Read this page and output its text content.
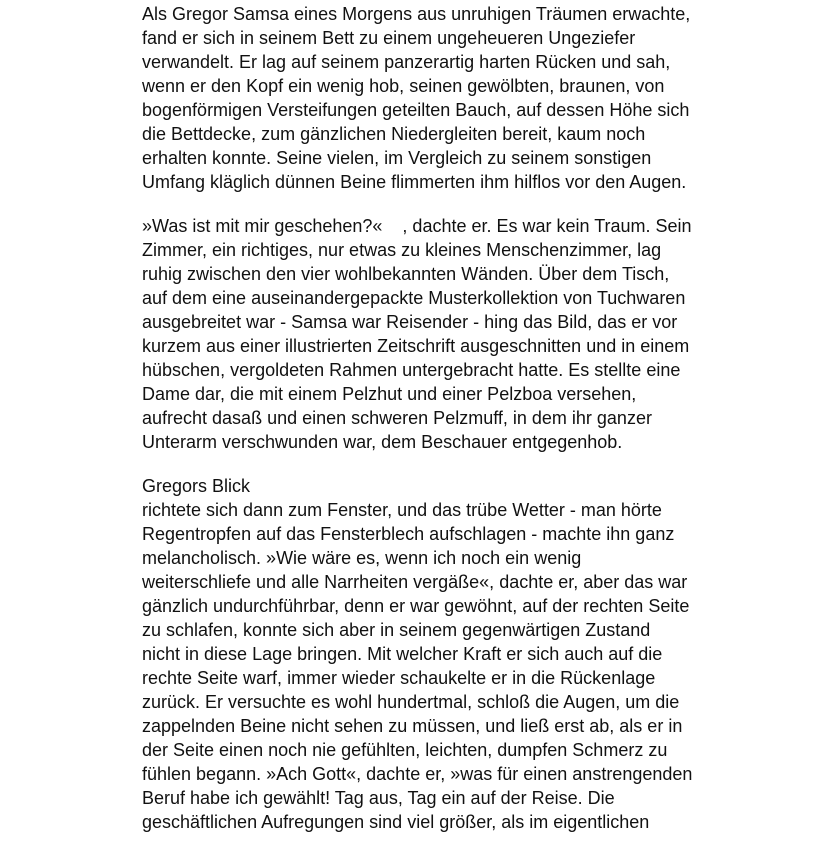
Als Gregor Samsa eines Morgens aus unruhigen Träumen erwachte,
fand er sich in seinem Bett zu einem ungeheueren Ungeziefer
verwandelt. Er lag auf seinem panzerartig harten Rücken und sah,
wenn er den Kopf ein wenig hob, seinen gewölbten, braunen, von
bogenförmigen Versteifungen geteilten Bauch, auf dessen Höhe sich
die Bettdecke, zum gänzlichen Niedergleiten bereit, kaum noch
erhalten konnte. Seine vielen, im Vergleich zu seinem sonstigen
Umfang kläglich dünnen Beine flimmerten ihm hilflos vor den Augen.
»Was ist mit mir geschehen?«    , dachte er. Es war kein Traum. Sein
Zimmer, ein richtiges, nur etwas zu kleines Menschenzimmer, lag
ruhig zwischen den vier wohlbekannten Wänden. Über dem Tisch,
auf dem eine auseinandergepackte Musterkollektion von Tuchwaren
ausgebreitet war - Samsa war Reisender - hing das Bild, das er vor
kurzem aus einer illustrierten Zeitschrift ausgeschnitten und in einem
hübschen, vergoldeten Rahmen untergebracht hatte. Es stellte eine
Dame dar, die mit einem Pelzhut und einer Pelzboa versehen,
aufrecht dasaß und einen schweren Pelzmuff, in dem ihr ganzer
Unterarm verschwunden war, dem Beschauer entgegenhob.
Gregors Blick
richtete sich dann zum Fenster, und das trübe Wetter - man hörte
Regentropfen auf das Fensterblech aufschlagen - machte ihn ganz
melancholisch. »Wie wäre es, wenn ich noch ein wenig
weiterschliefe und alle Narrheiten vergäße«, dachte er, aber das war
gänzlich undurchführbar, denn er war gewöhnt, auf der rechten Seite
zu schlafen, konnte sich aber in seinem gegenwärtigen Zustand
nicht in diese Lage bringen. Mit welcher Kraft er sich auch auf die
rechte Seite warf, immer wieder schaukelte er in die Rückenlage
zurück. Er versuchte es wohl hundertmal, schloß die Augen, um die
zappelnden Beine nicht sehen zu müssen, und ließ erst ab, als er in
der Seite einen noch nie gefühlten, leichten, dumpfen Schmerz zu
fühlen begann. »Ach Gott«, dachte er, »was für einen anstrengenden
Beruf habe ich gewählt! Tag aus, Tag ein auf der Reise. Die
geschäftlichen Aufregungen sind viel größer, als im eigentlichen
